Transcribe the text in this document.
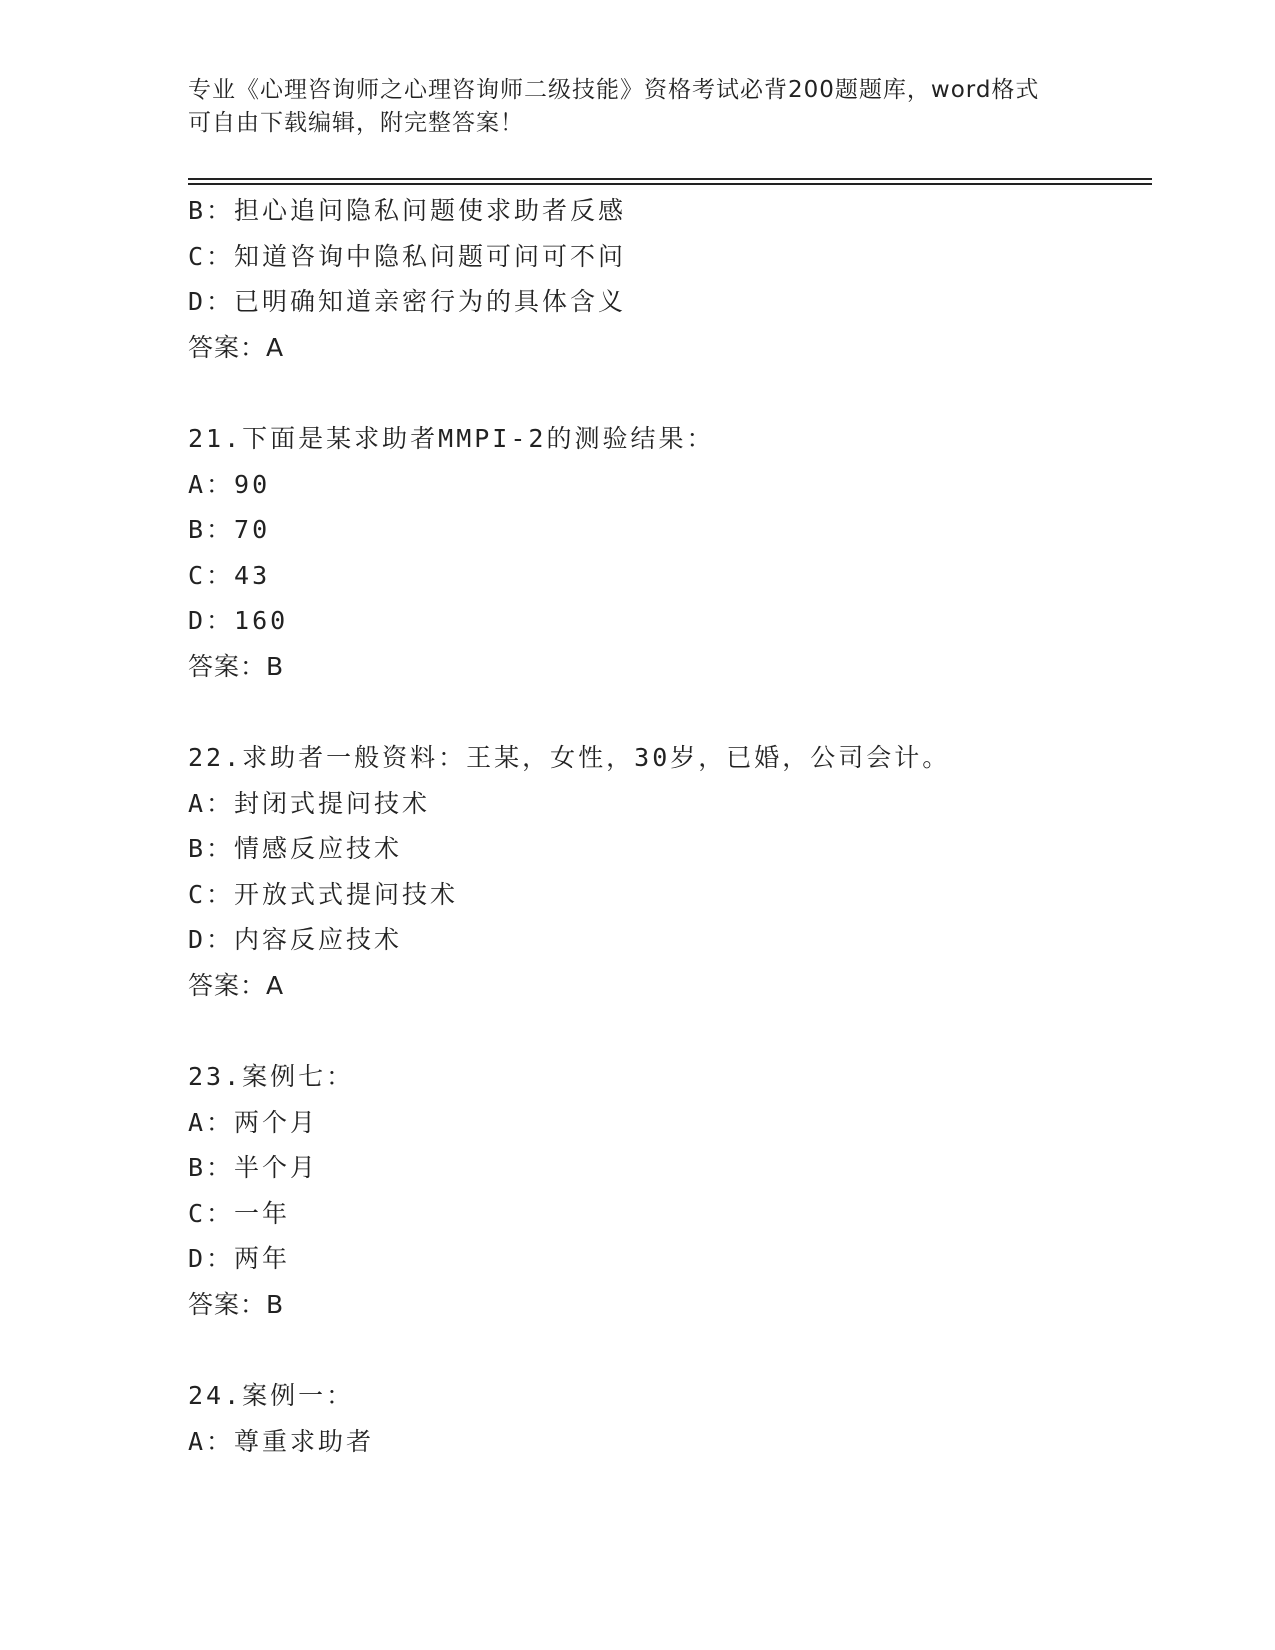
专业《心理咨询师之心理咨询师二级技能》资格考试必背200题题库，word格式
可自由下载编辑，附完整答案！
B：担心追问隐私问题使求助者反感
C：知道咨询中隐私问题可问可不问
D：已明确知道亲密行为的具体含义
答案：A
21.下面是某求助者MMPI-2的测验结果：
A：90
B：70
C：43
D：160
答案：B
22.求助者一般资料：王某，女性，30岁，已婚，公司会计。
A：封闭式提问技术
B：情感反应技术
C：开放式式提问技术
D：内容反应技术
答案：A
23.案例七：
A：两个月
B：半个月
C：一年
D：两年
答案：B
24.案例一：
A：尊重求助者
